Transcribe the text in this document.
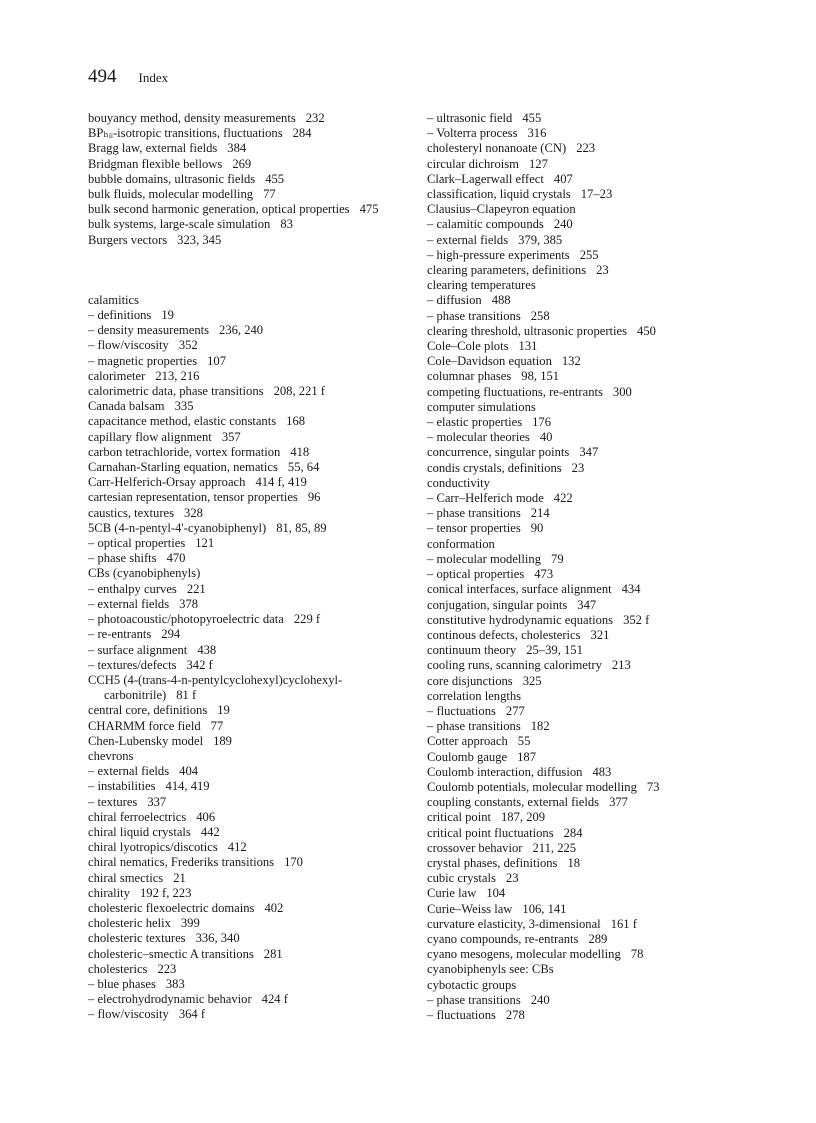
494 Index
bouyancy method, density measurements 232
BPₕᵢᵢ-isotropic transitions, fluctuations 284
Bragg law, external fields 384
Bridgman flexible bellows 269
bubble domains, ultrasonic fields 455
bulk fluids, molecular modelling 77
bulk second harmonic generation, optical properties 475
bulk systems, large-scale simulation 83
Burgers vectors 323, 345
calamitics
– definitions 19
– density measurements 236, 240
– flow/viscosity 352
– magnetic properties 107
calorimeter 213, 216
calorimetric data, phase transitions 208, 221 f
Canada balsam 335
capacitance method, elastic constants 168
capillary flow alignment 357
carbon tetrachloride, vortex formation 418
Carnahan-Starling equation, nematics 55, 64
Carr-Helferich-Orsay approach 414 f, 419
cartesian representation, tensor properties 96
caustics, textures 328
5CB (4-n-pentyl-4'-cyanobiphenyl) 81, 85, 89
– optical properties 121
– phase shifts 470
CBs (cyanobiphenyls)
– enthalpy curves 221
– external fields 378
– photoacoustic/photopyroelectric data 229 f
– re-entrants 294
– surface alignment 438
– textures/defects 342 f
CCH5 (4-(trans-4-n-pentylcyclohexyl)cyclohexyl-carbonitrile) 81 f
central core, definitions 19
CHARMM force field 77
Chen-Lubensky model 189
chevrons
– external fields 404
– instabilities 414, 419
– textures 337
chiral ferroelectrics 406
chiral liquid crystals 442
chiral lyotropics/discotics 412
chiral nematics, Frederiks transitions 170
chiral smectics 21
chirality 192 f, 223
cholesteric flexoelectric domains 402
cholesteric helix 399
cholesteric textures 336, 340
cholesteric–smectic A transitions 281
cholesterics 223
– blue phases 383
– electrohydrodynamic behavior 424 f
– flow/viscosity 364 f
– ultrasonic field 455
– Volterra process 316
cholesteryl nonanoate (CN) 223
circular dichroism 127
Clark–Lagerwall effect 407
classification, liquid crystals 17–23
Clausius–Clapeyron equation
– calamitic compounds 240
– external fields 379, 385
– high-pressure experiments 255
clearing parameters, definitions 23
clearing temperatures
– diffusion 488
– phase transitions 258
clearing threshold, ultrasonic properties 450
Cole–Cole plots 131
Cole–Davidson equation 132
columnar phases 98, 151
competing fluctuations, re-entrants 300
computer simulations
– elastic properties 176
– molecular theories 40
concurrence, singular points 347
condis crystals, definitions 23
conductivity
– Carr–Helferich mode 422
– phase transitions 214
– tensor properties 90
conformation
– molecular modelling 79
– optical properties 473
conical interfaces, surface alignment 434
conjugation, singular points 347
constitutive hydrodynamic equations 352 f
continous defects, cholesterics 321
continuum theory 25–39, 151
cooling runs, scanning calorimetry 213
core disjunctions 325
correlation lengths
– fluctuations 277
– phase transitions 182
Cotter approach 55
Coulomb gauge 187
Coulomb interaction, diffusion 483
Coulomb potentials, molecular modelling 73
coupling constants, external fields 377
critical point 187, 209
critical point fluctuations 284
crossover behavior 211, 225
crystal phases, definitions 18
cubic crystals 23
Curie law 104
Curie–Weiss law 106, 141
curvature elasticity, 3-dimensional 161 f
cyano compounds, re-entrants 289
cyano mesogens, molecular modelling 78
cyanobiphenyls see: CBs
cybotactic groups
– phase transitions 240
– fluctuations 278
